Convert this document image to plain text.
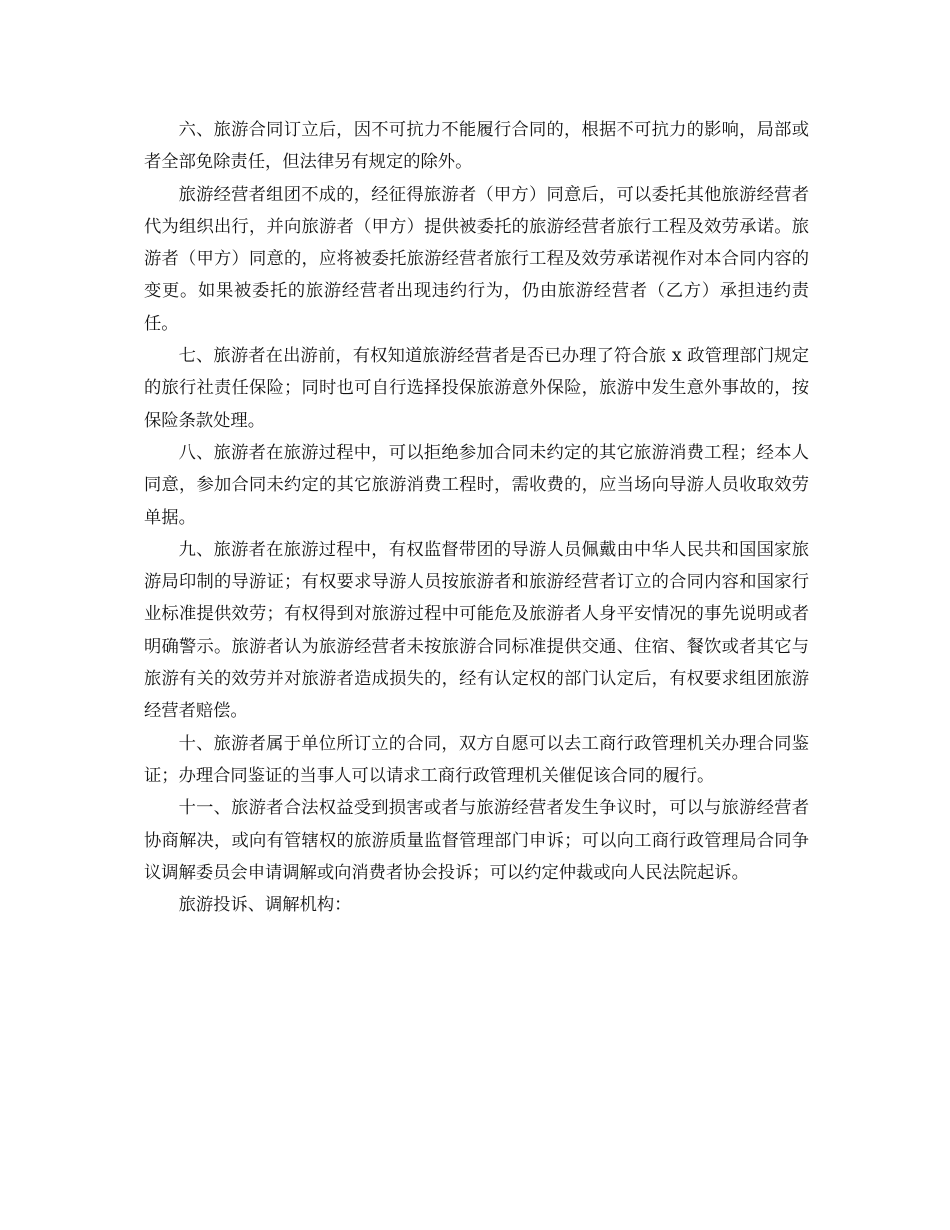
六、旅游合同订立后，因不可抗力不能履行合同的，根据不可抗力的影响，局部或者全部免除责任，但法律另有规定的除外。

旅游经营者组团不成的，经征得旅游者（甲方）同意后，可以委托其他旅游经营者代为组织出行，并向旅游者（甲方）提供被委托的旅游经营者旅行工程及效劳承诺。旅游者（甲方）同意的，应将被委托旅游经营者旅行工程及效劳承诺视作对本合同内容的变更。如果被委托的旅游经营者出现违约行为，仍由旅游经营者（乙方）承担违约责任。

七、旅游者在出游前，有权知道旅游经营者是否已办理了符合旅 x 政管理部门规定的旅行社责任保险；同时也可自行选择投保旅游意外保险，旅游中发生意外事故的，按保险条款处理。

八、旅游者在旅游过程中，可以拒绝参加合同未约定的其它旅游消费工程；经本人同意，参加合同未约定的其它旅游消费工程时，需收费的，应当场向导游人员收取效劳单据。

九、旅游者在旅游过程中，有权监督带团的导游人员佩戴由中华人民共和国国家旅游局印制的导游证；有权要求导游人员按旅游者和旅游经营者订立的合同内容和国家行业标准提供效劳；有权得到对旅游过程中可能危及旅游者人身平安情况的事先说明或者明确警示。旅游者认为旅游经营者未按旅游合同标准提供交通、住宿、餐饮或者其它与旅游有关的效劳并对旅游者造成损失的，经有认定权的部门认定后，有权要求组团旅游经营者赔偿。

十、旅游者属于单位所订立的合同，双方自愿可以去工商行政管理机关办理合同鉴证；办理合同鉴证的当事人可以请求工商行政管理机关催促该合同的履行。

十一、旅游者合法权益受到损害或者与旅游经营者发生争议时，可以与旅游经营者协商解决，或向有管辖权的旅游质量监督管理部门申诉；可以向工商行政管理局合同争议调解委员会申请调解或向消费者协会投诉；可以约定仲裁或向人民法院起诉。

旅游投诉、调解机构：
